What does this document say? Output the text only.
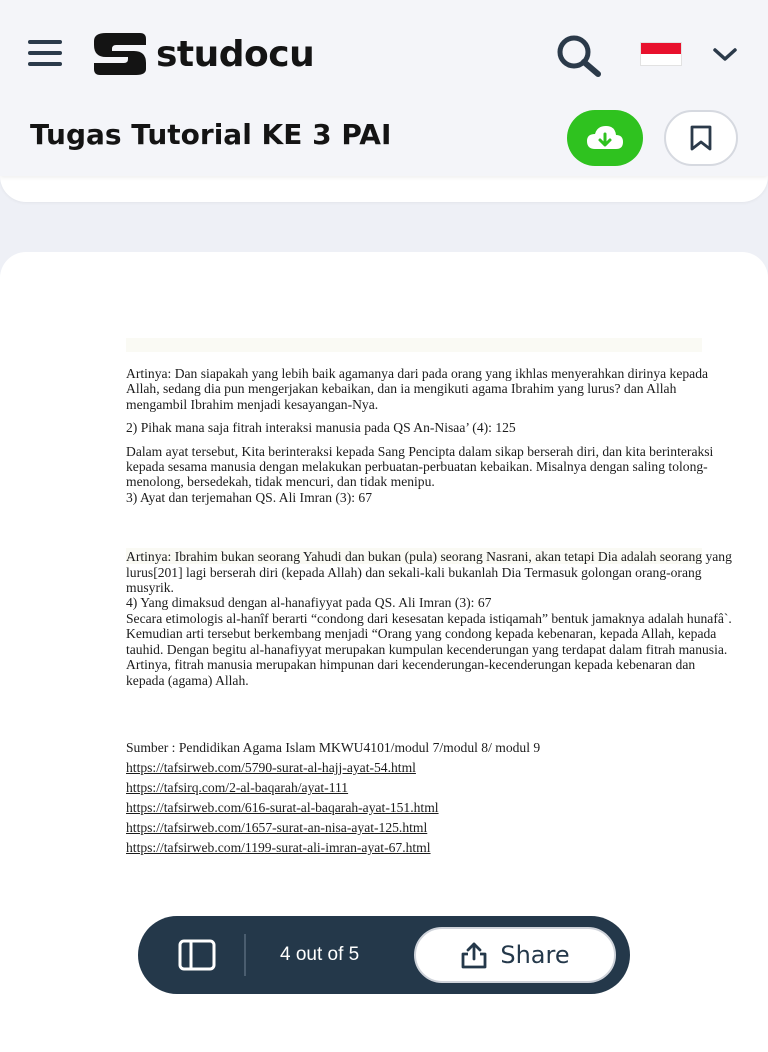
studocu
Tugas Tutorial KE 3 PAI

Artinya: Dan siapakah yang lebih baik agamanya dari pada orang yang ikhlas menyerahkan dirinya kepada Allah, sedang dia pun mengerjakan kebaikan, dan ia mengikuti agama Ibrahim yang lurus? dan Allah mengambil Ibrahim menjadi kesayangan-Nya.

2) Pihak mana saja fitrah interaksi manusia pada QS An-Nisaa’ (4): 125

Dalam ayat tersebut, Kita berinteraksi kepada Sang Pencipta dalam sikap berserah diri, dan kita berinteraksi kepada sesama manusia dengan melakukan perbuatan-perbuatan kebaikan. Misalnya dengan saling tolong-menolong, bersedekah, tidak mencuri, dan tidak menipu.

3) Ayat dan terjemahan QS. Ali Imran (3): 67

Artinya: Ibrahim bukan seorang Yahudi dan bukan (pula) seorang Nasrani, akan tetapi Dia adalah seorang yang lurus[201] lagi berserah diri (kepada Allah) dan sekali-kali bukanlah Dia Termasuk golongan orang-orang musyrik.

4) Yang dimaksud dengan al-hanafiyyat pada QS. Ali Imran (3): 67

Secara etimologis al-hanîf berarti “condong dari kesesatan kepada istiqamah” bentuk jamaknya adalah hunafâˋ. Kemudian arti tersebut berkembang menjadi “Orang yang condong kepada kebenaran, kepada Allah, kepada tauhid. Dengan begitu al-hanafiyyat merupakan kumpulan kecenderungan yang terdapat dalam fitrah manusia. Artinya, fitrah manusia merupakan himpunan dari kecenderungan-kecenderungan kepada kebenaran dan kepada (agama) Allah.

Sumber : Pendidikan Agama Islam MKWU4101/modul 7/modul 8/ modul 9

https://tafsirweb.com/5790-surat-al-hajj-ayat-54.html
https://tafsirq.com/2-al-baqarah/ayat-111
https://tafsirweb.com/616-surat-al-baqarah-ayat-151.html
https://tafsirweb.com/1657-surat-an-nisa-ayat-125.html
https://tafsirweb.com/1199-surat-ali-imran-ayat-67.html
4 out of 5	Share
